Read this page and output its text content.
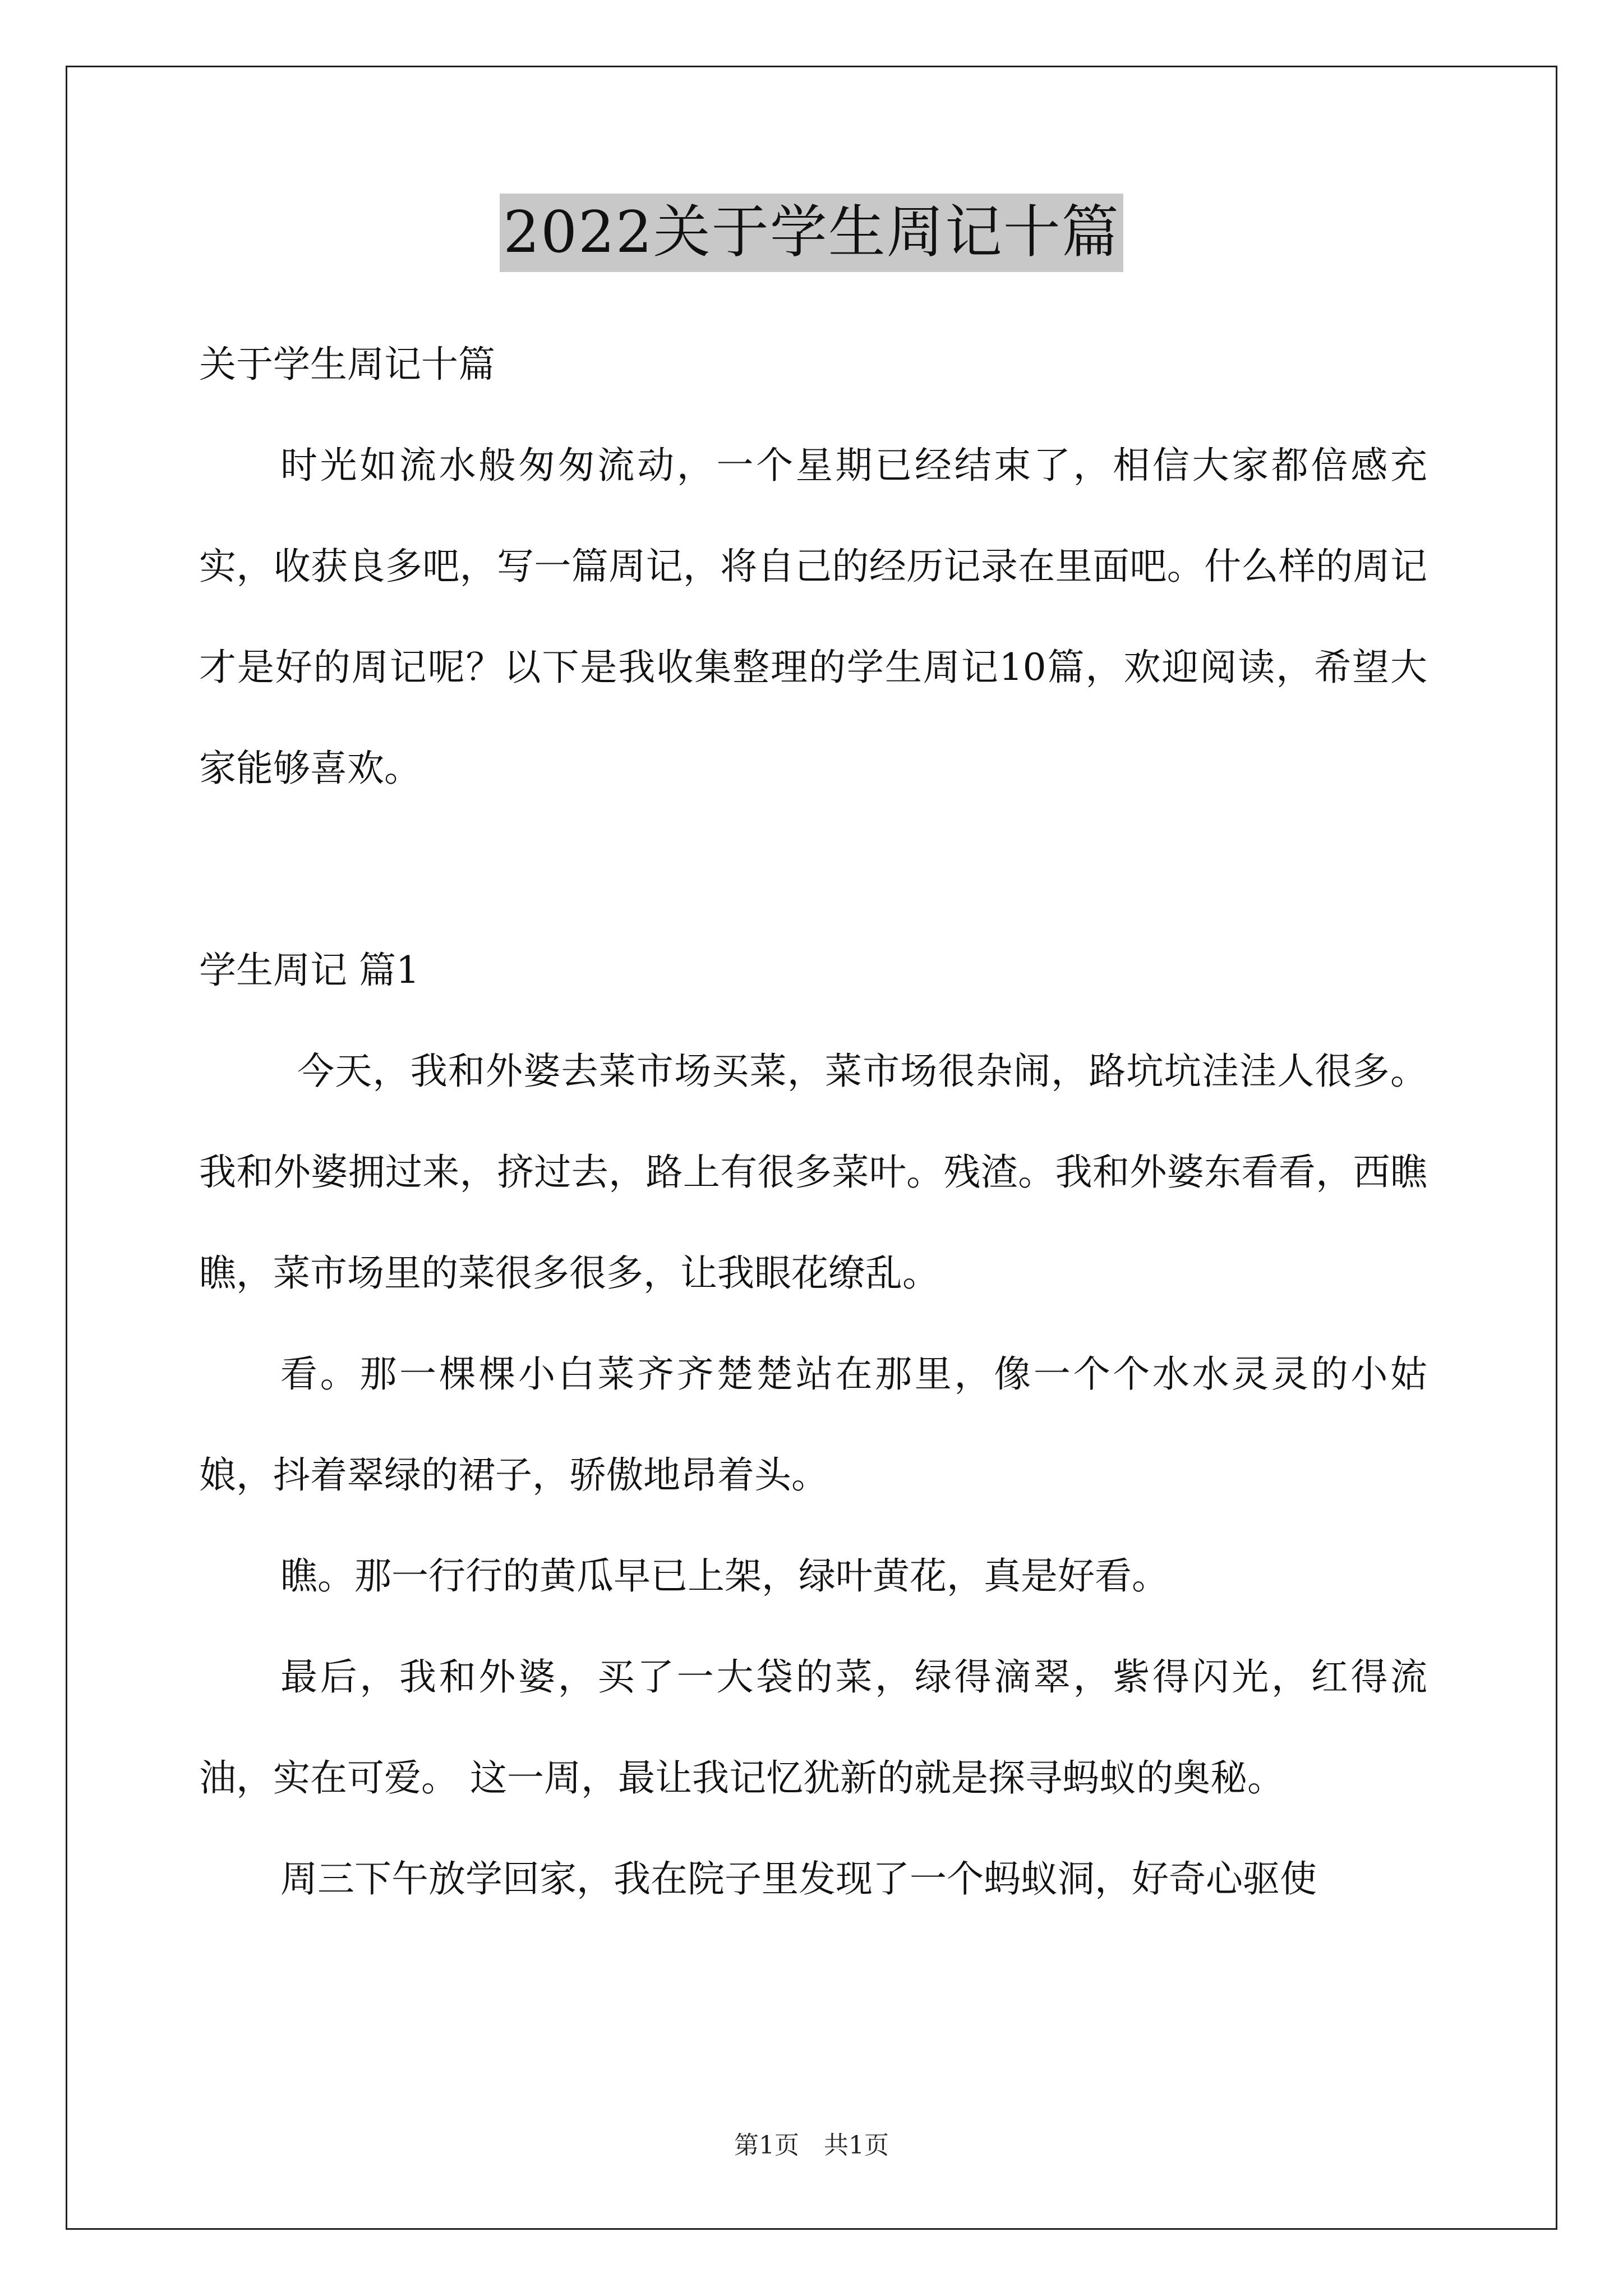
2022关于学生周记十篇

关于学生周记十篇

时光如流水般匆匆流动，一个星期已经结束了，相信大家都倍感充实，收获良多吧，写一篇周记，将自己的经历记录在里面吧。什么样的周记才是好的周记呢？以下是我收集整理的学生周记10篇，欢迎阅读，希望大家能够喜欢。

学生周记 篇1

今天，我和外婆去菜市场买菜，菜市场很杂闹，路坑坑洼洼人很多。我和外婆拥过来，挤过去，路上有很多菜叶。残渣。我和外婆东看看，西瞧瞧，菜市场里的菜很多很多，让我眼花缭乱。

看。那一棵棵小白菜齐齐楚楚站在那里，像一个个水水灵灵的小姑娘，抖着翠绿的裙子，骄傲地昂着头。

瞧。那一行行的黄瓜早已上架，绿叶黄花，真是好看。

最后，我和外婆，买了一大袋的菜，绿得滴翠，紫得闪光，红得流油，实在可爱。 这一周，最让我记忆犹新的就是探寻蚂蚁的奥秘。

周三下午放学回家，我在院子里发现了一个蚂蚁洞，好奇心驱使

第1页　共1页
